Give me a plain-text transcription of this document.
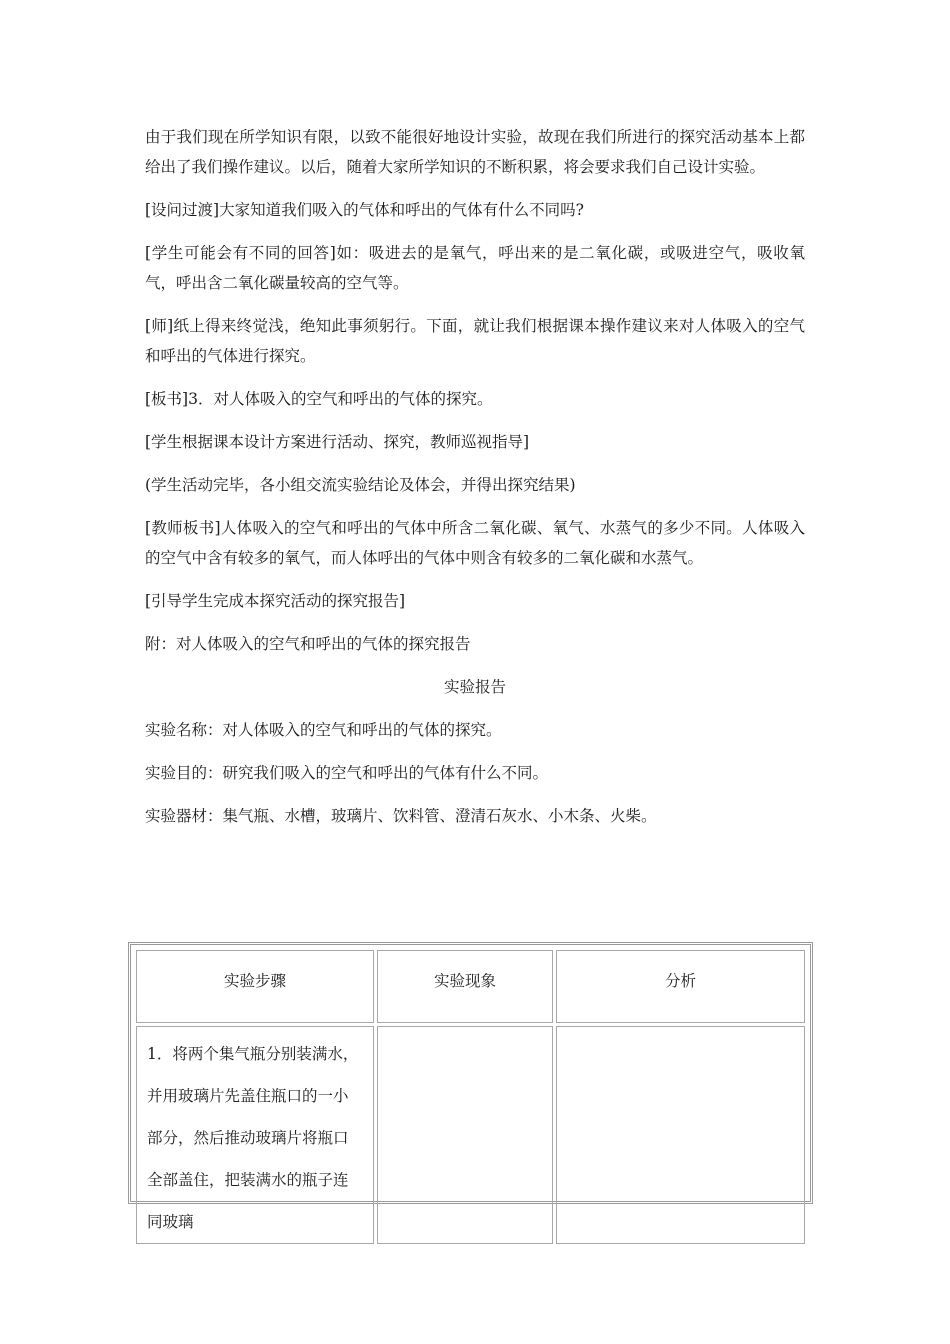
由于我们现在所学知识有限，以致不能很好地设计实验，故现在我们所进行的探究活动基本上都给出了我们操作建议。以后，随着大家所学知识的不断积累，将会要求我们自己设计实验。

[设问过渡]大家知道我们吸入的气体和呼出的气体有什么不同吗?

[学生可能会有不同的回答]如：吸进去的是氧气，呼出来的是二氧化碳，或吸进空气，吸收氧气，呼出含二氧化碳量较高的空气等。

[师]纸上得来终觉浅，绝知此事须躬行。下面，就让我们根据课本操作建议来对人体吸入的空气和呼出的气体进行探究。

[板书]3．对人体吸入的空气和呼出的气体的探究。

[学生根据课本设计方案进行活动、探究，教师巡视指导]

(学生活动完毕，各小组交流实验结论及体会，并得出探究结果)

[教师板书]人体吸入的空气和呼出的气体中所含二氧化碳、氧气、水蒸气的多少不同。人体吸入的空气中含有较多的氧气，而人体呼出的气体中则含有较多的二氧化碳和水蒸气。

[引导学生完成本探究活动的探究报告]

附：对人体吸入的空气和呼出的气体的探究报告

实验报告

实验名称：对人体吸入的空气和呼出的气体的探究。

实验目的：研究我们吸入的空气和呼出的气体有什么不同。

实验器材：集气瓶、水槽，玻璃片、饮料管、澄清石灰水、小木条、火柴。

实验步骤	实验现象	分析
1．将两个集气瓶分别装满水，并用玻璃片先盖住瓶口的一小部分，然后推动玻璃片将瓶口全部盖住，把装满水的瓶子连同玻璃		
